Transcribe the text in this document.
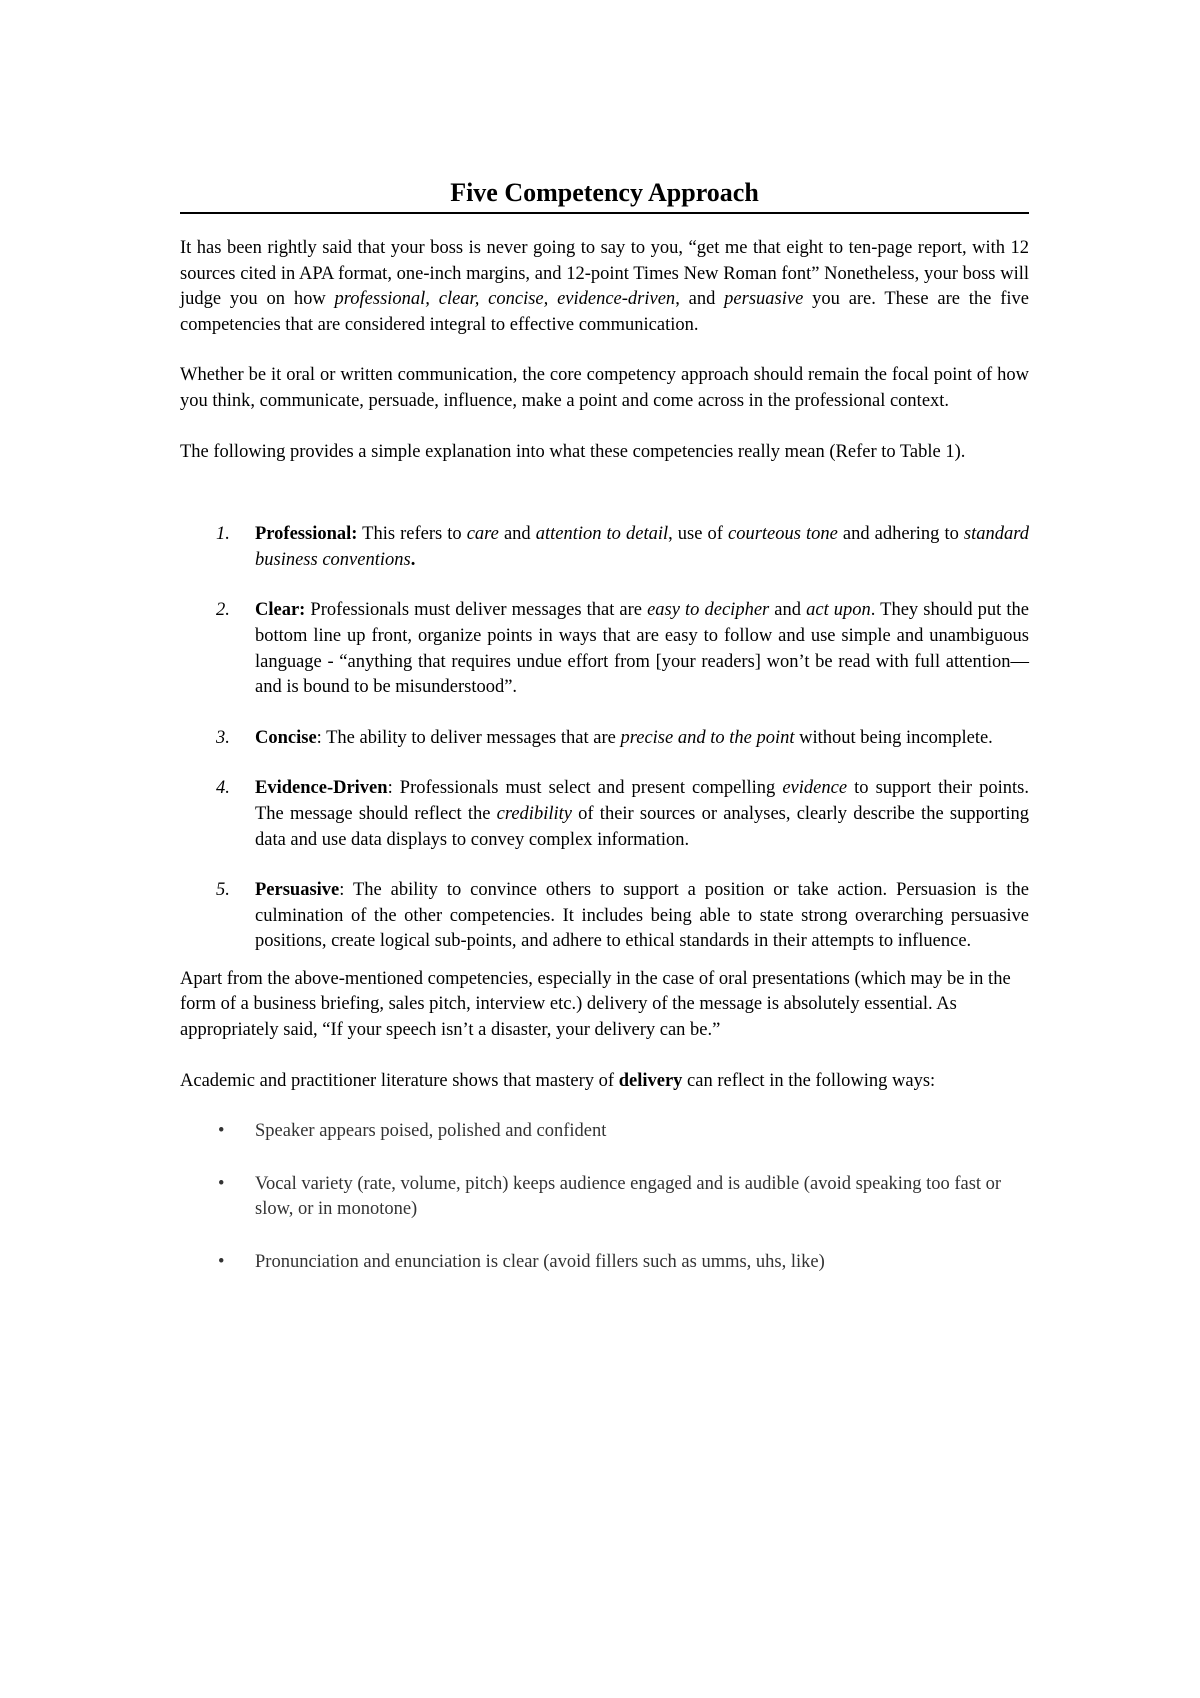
Five Competency Approach

It has been rightly said that your boss is never going to say to you, “get me that eight to ten-page report, with 12 sources cited in APA format, one-inch margins, and 12-point Times New Roman font” Nonetheless, your boss will judge you on how professional, clear, concise, evidence-driven, and persuasive you are. These are the five competencies that are considered integral to effective communication.

Whether be it oral or written communication, the core competency approach should remain the focal point of how you think, communicate, persuade, influence, make a point and come across in the professional context.

The following provides a simple explanation into what these competencies really mean (Refer to Table 1).

1. Professional: This refers to care and attention to detail, use of courteous tone and adhering to standard business conventions.
2. Clear: Professionals must deliver messages that are easy to decipher and act upon. They should put the bottom line up front, organize points in ways that are easy to follow and use simple and unambiguous language - “anything that requires undue effort from [your readers] won’t be read with full attention—and is bound to be misunderstood”.
3. Concise: The ability to deliver messages that are precise and to the point without being incomplete.
4. Evidence-Driven: Professionals must select and present compelling evidence to support their points. The message should reflect the credibility of their sources or analyses, clearly describe the supporting data and use data displays to convey complex information.
5. Persuasive: The ability to convince others to support a position or take action. Persuasion is the culmination of the other competencies. It includes being able to state strong overarching persuasive positions, create logical sub-points, and adhere to ethical standards in their attempts to influence.

Apart from the above-mentioned competencies, especially in the case of oral presentations (which may be in the form of a business briefing, sales pitch, interview etc.) delivery of the message is absolutely essential. As appropriately said, “If your speech isn’t a disaster, your delivery can be.”

Academic and practitioner literature shows that mastery of delivery can reflect in the following ways:

• Speaker appears poised, polished and confident
• Vocal variety (rate, volume, pitch) keeps audience engaged and is audible (avoid speaking too fast or slow, or in monotone)
• Pronunciation and enunciation is clear (avoid fillers such as umms, uhs, like)
